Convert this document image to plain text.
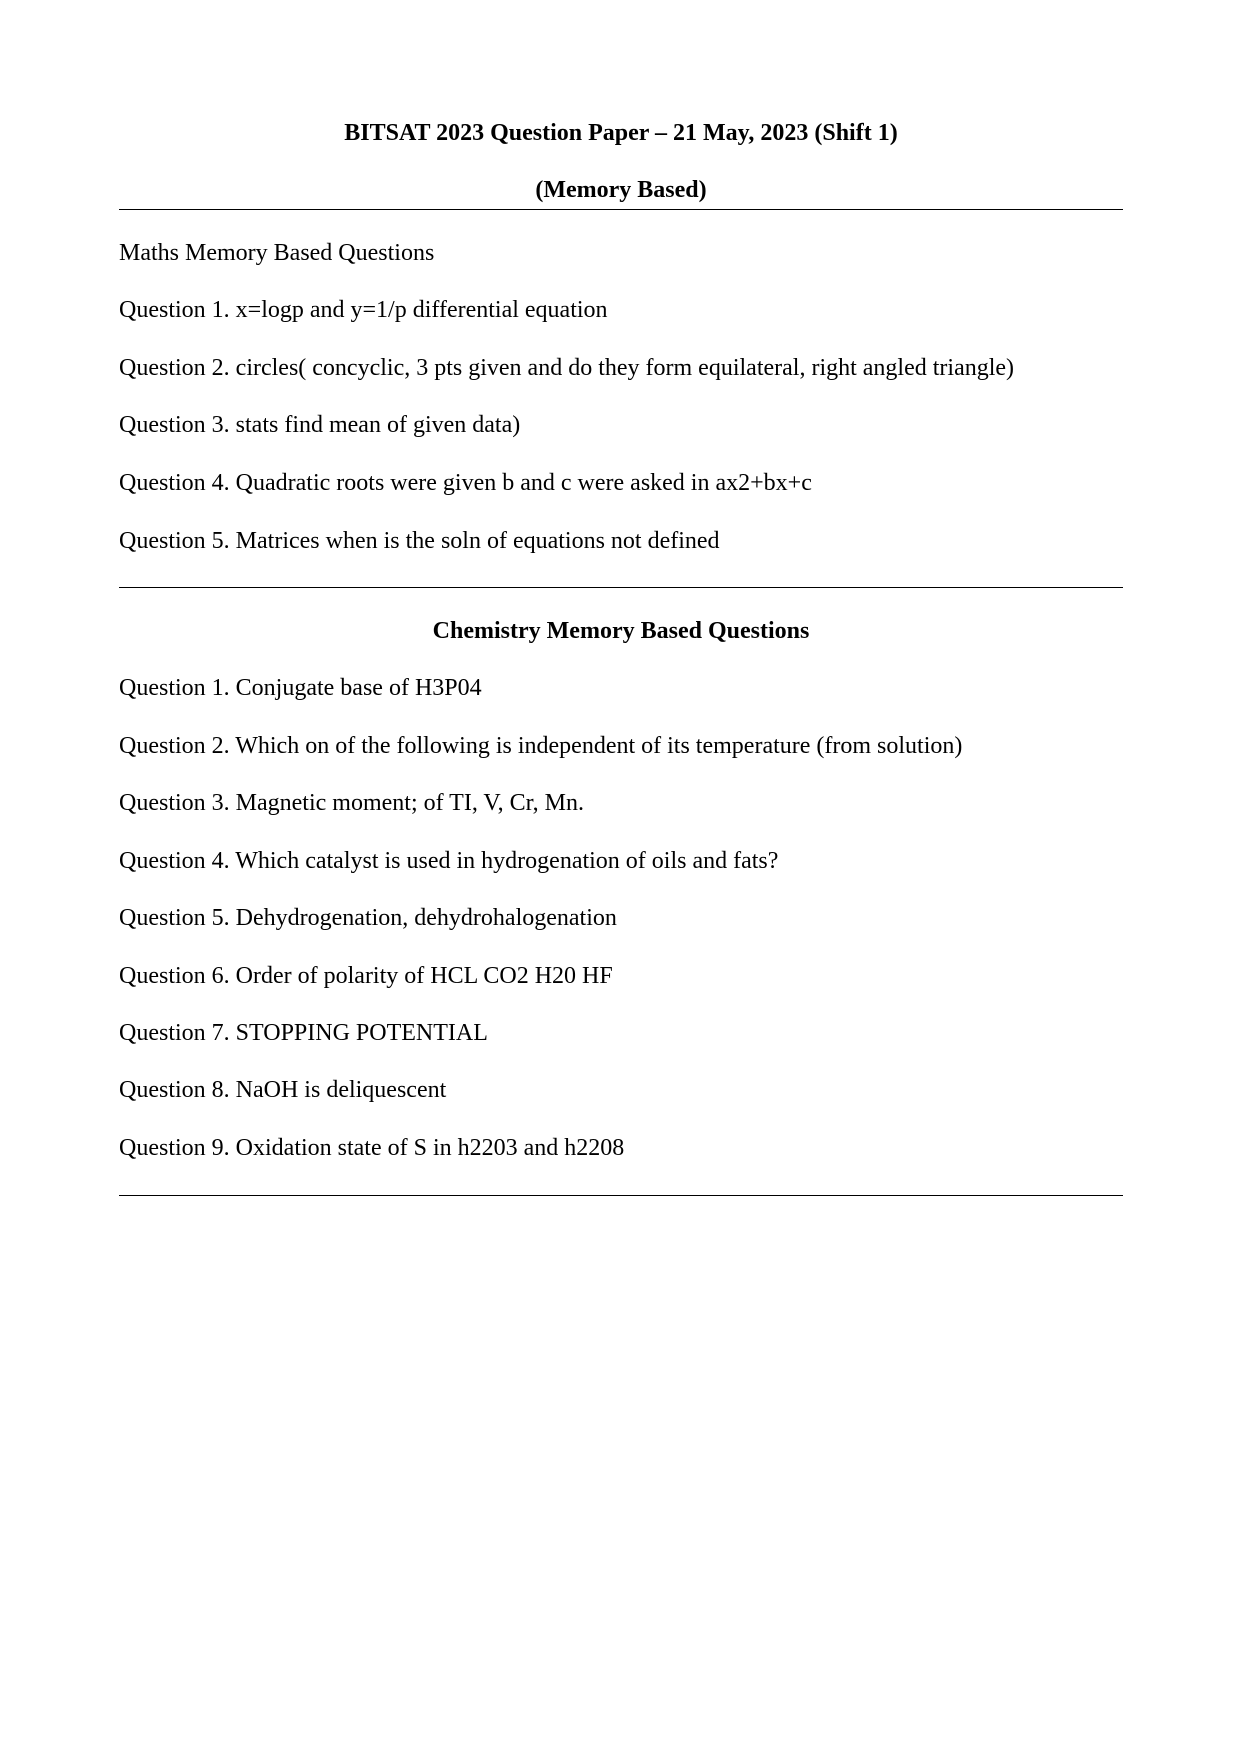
BITSAT 2023 Question Paper – 21 May, 2023 (Shift 1)
(Memory Based)
Maths Memory Based Questions
Question 1. x=logp and y=1/p differential equation
Question 2. circles( concyclic, 3 pts given and do they form equilateral, right angled triangle)
Question 3. stats find mean of given data)
Question 4. Quadratic roots were given b and c were asked in ax2+bx+c
Question 5. Matrices when is the soln of equations not defined
Chemistry Memory Based Questions
Question 1. Conjugate base of H3P04
Question 2. Which on of the following is independent of its temperature (from solution)
Question 3. Magnetic moment; of TI, V, Cr, Mn.
Question 4. Which catalyst is used in hydrogenation of oils and fats?
Question 5. Dehydrogenation, dehydrohalogenation
Question 6. Order of polarity of HCL CO2 H20 HF
Question 7. STOPPING POTENTIAL
Question 8. NaOH is deliquescent
Question 9. Oxidation state of S in h2203 and h2208
